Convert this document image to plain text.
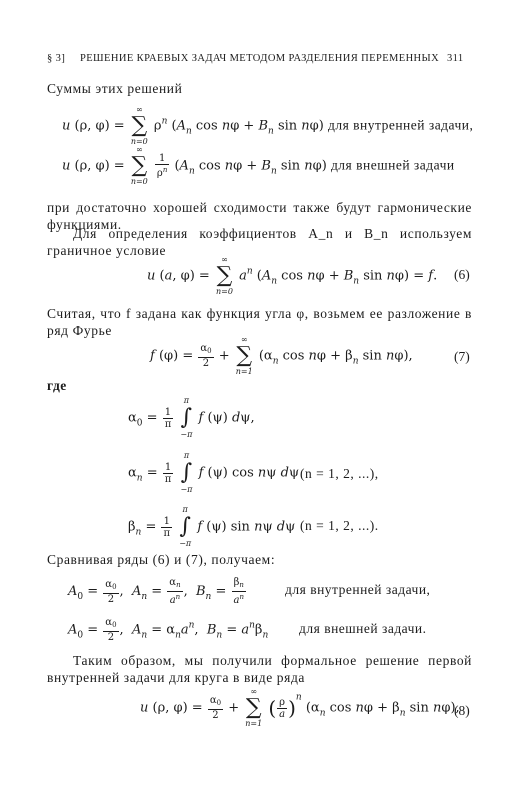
§ 3] РЕШЕНИЕ КРАЕВЫХ ЗАДАЧ МЕТОДОМ РАЗДЕЛЕНИЯ ПЕРЕМЕННЫХ 311
Суммы этих решений
u (ρ, φ) =
∞
∑
n=0
$\rho^n$ ($A_n$ $\cos n\varphi + B_n$ sin nφ) для внутренней задачи,
u (ρ, φ) =
∞
∑
n=0

$\frac{1}{\rho^n} (A_n$ $\cos n\varphi + B_n$ sin nφ) для внешней задачи
при достаточно хорошей сходимости также будут гармонические функциями.
Для определения коэффициентов A_n и B_n используем граничное условие
u (a, φ) =
∞
∑
n=0
$a^n$ ($A_n$ $\cos n\varphi + B_n$ sin nφ) = f. (6)
Считая, что f задана как функция угла φ, возьмем ее разложение в ряд Фурье
f $(\varphi) = \frac{\alpha_0}{2}$ +
∞
∑
n=1
($\alpha_n$ $\cos n\varphi + \beta_n$ sin nφ),	(7)
где
$\alpha_0 = \frac{1}{\pi}$

π
∫
−π
f (ψ) dψ,
$\alpha_n = \frac{1}{\pi}$

π
∫
−π
f (ψ) cos nψ dψ (n = 1, 2, ...),
$\beta_n = \frac{1}{\pi}$

π
∫
−π
f (ψ) sin nψ dψ (n = 1, 2, ...).
Сравнивая ряды (6) и (7), получаем:
$A_0 = \frac{\alpha_0}{2}$ ,  $A_n = \frac{\alpha_n}{a^n}$ ,  $B_n = \frac{\beta_n}{a^n}$	для внутренней задачи,
$A_0 = \frac{\alpha_0}{2}$ ,  $A_n = \alpha_na^n$,  $B_n = a^n\beta_n$ для внешней задачи.
Таким образом, мы получили формальное решение первой внутренней задачи для круга в виде ряда
u (ρ, $\varphi) = \frac{\alpha_0}{2}$ +
∞
∑
n=1
( $\frac{\rho}{a} )^n$ ($\alpha_n$ $\cos n\varphi + \beta_n$ sin nφ),
(8)
